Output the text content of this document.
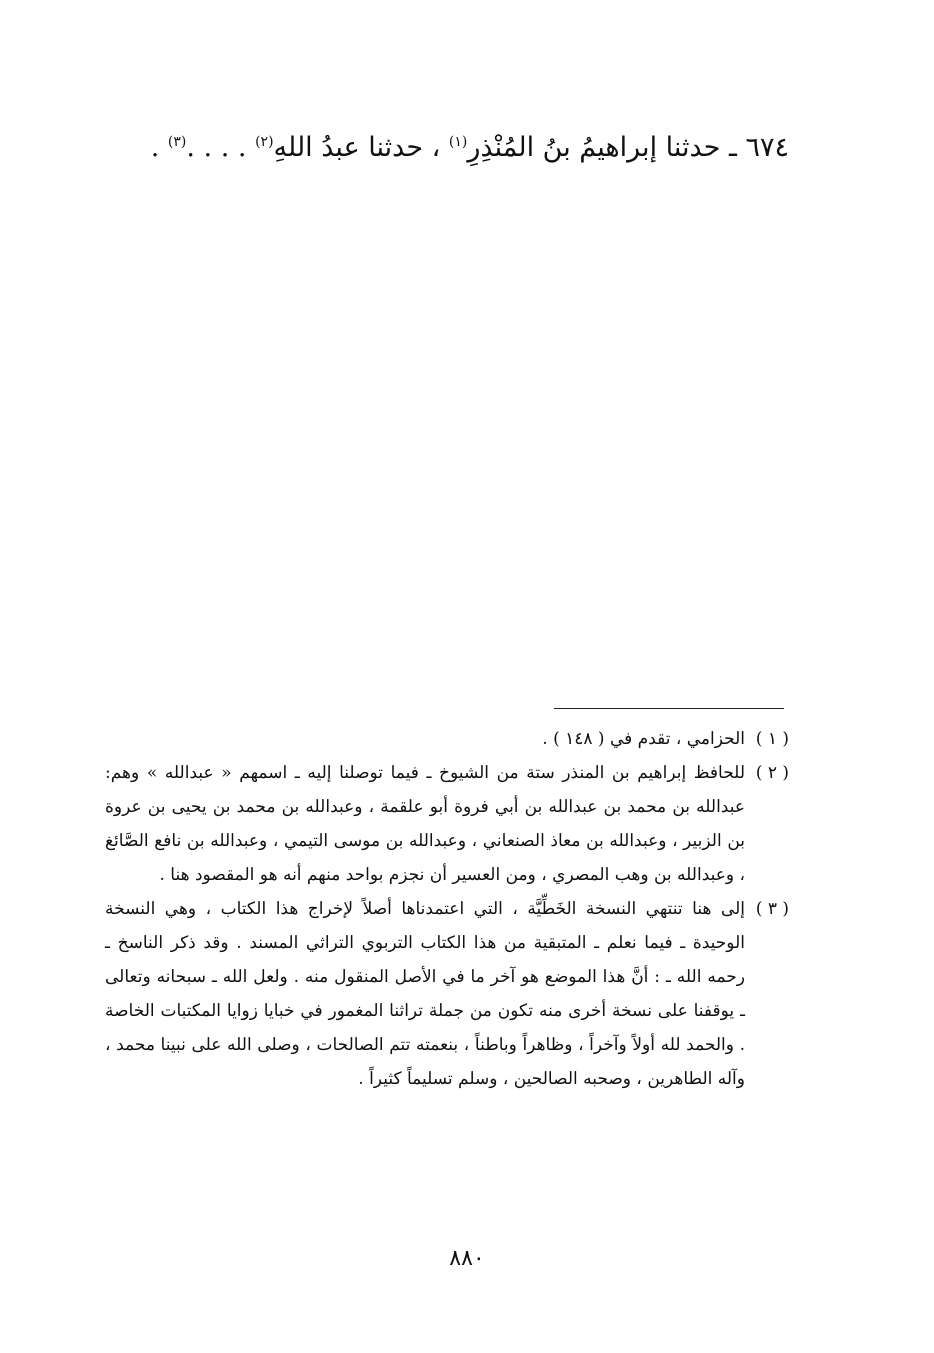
٦٧٤ ـ حدثنا إبراهيمُ بنُ المُنْذِرِ$^{(١)}$ ، حدثنا عبدُ اللهِ$^{(٢)}$ . . . .$^{(٣)}$ .
( ١ )
الحزامي ، تقدم في ( ١٤٨ ) .
( ٢ )
للحافظ إبراهيم بن المنذر ستة من الشيوخ ـ فيما توصلنا إليه ـ اسمهم « عبدالله » وهم: عبدالله بن محمد بن عبدالله بن أبي فروة أبو علقمة ، وعبدالله بن محمد بن يحيى بن عروة بن الزبير ، وعبدالله بن معاذ الصنعاني ، وعبدالله بن موسى التيمي ، وعبدالله بن نافع الصَّائغ ، وعبدالله بن وهب المصري ، ومن العسير أن نجزم بواحد منهم أنه هو المقصود هنا .
( ٣ )
إلى هنا تنتهي النسخة الخَطِّيَّة ، التي اعتمدناها أصلاً لإخراج هذا الكتاب ، وهي النسخة الوحيدة ـ فيما نعلم ـ المتبقية من هذا الكتاب التربوي التراثي المسند . وقد ذكر الناسخ ـ رحمه الله ـ : أنَّ هذا الموضع هو آخر ما في الأصل المنقول منه . ولعل الله ـ سبحانه وتعالى ـ يوقفنا على نسخة أخرى منه تكون من جملة تراثنا المغمور في خبايا زوايا المكتبات الخاصة . والحمد لله أولاً وآخراً ، وظاهراً وباطناً ، بنعمته تتم الصالحات ، وصلى الله على نبينا محمد ، وآله الطاهرين ، وصحبه الصالحين ، وسلم تسليماً كثيراً .
٨٨٠
